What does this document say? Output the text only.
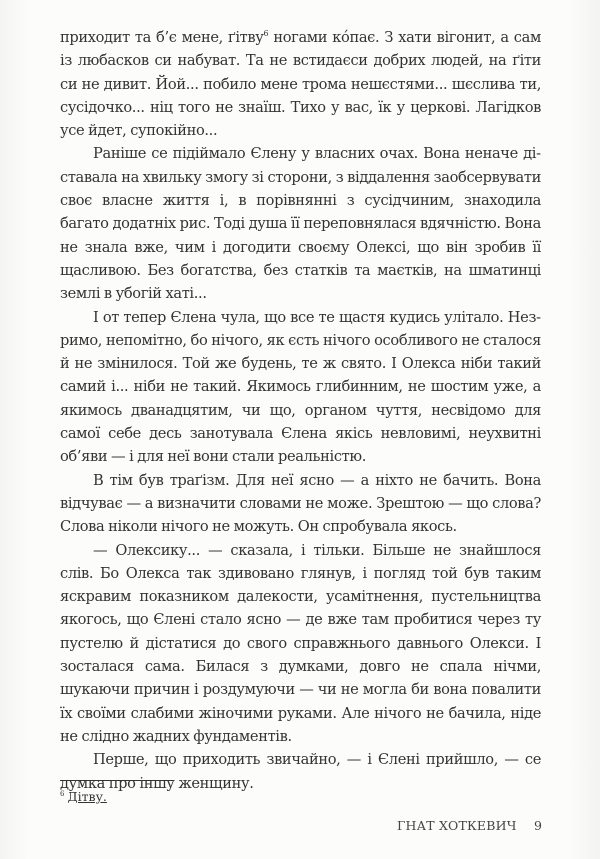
приходит та б’є мене, ґітву$^6$ ногами кóпає. З хати вігонит, а сам із любасков си набуват. Та не встидаєси добрих людей, на ґіти си не дивит. Йой... побило мене трома нешєстями... шєслива ти, сусідочко... ніц того не знаїш. Тихо у вас, їк у церкові. Лагідков усе йдет, супокійно...

Раніше се підіймало Єлену у власних очах. Вона неначе діставала на хвильку змогу зі сторони, з віддалення заобсервувати своє власне життя і, в порівнянні з сусідчиним, знаходила багато додатніх рис. Тоді душа її переповнялася вдячністю. Вона не знала вже, чим і догодити своєму Олексі, що він зробив її щасливою. Без богатства, без статків та маєтків, на шматинці землі в убогій хаті...

І от тепер Єлена чула, що все те щастя кудись улітало. Незримо, непомітно, бо нічого, як єсть нічого особливого не сталося й не змінилося. Той же будень, те ж свято. І Олекса ніби такий самий і... ніби не такий. Якимось глибинним, не шостим уже, а якимось дванадцятим, чи що, органом чуття, несвідомо для самої себе десь занотувала Єлена якісь невловимі, неухвитні об’яви — і для неї вони стали реальністю.

В тім був траґізм. Для неї ясно — а ніхто не бачить. Вона відчуває — а визначити словами не може. Зрештою — що слова? Слова ніколи нічого не можуть. Он спробувала якось.

— Олексику... — сказала, і тільки. Більше не знайшлося слів. Бо Олекса так здивовано глянув, і погляд той був таким яскравим показником далекости, усамітнення, пустельництва якогось, що Єлені стало ясно — де вже там пробитися через ту пустелю й дістатися до свого справжнього давнього Олекси. І зосталася сама. Билася з думками, довго не спала нічми, шукаючи причин і роздумуючи — чи не могла би вона повалити їх своїми слабими жіночими руками. Але нічого не бачила, ніде не слідно жадних фундаментів.

Перше, що приходить звичайно, — і Єлені прийшло, — се думка про іншу женщину.

$^6$ Дітву.
ГНАТ ХОТКЕВИЧ 9
